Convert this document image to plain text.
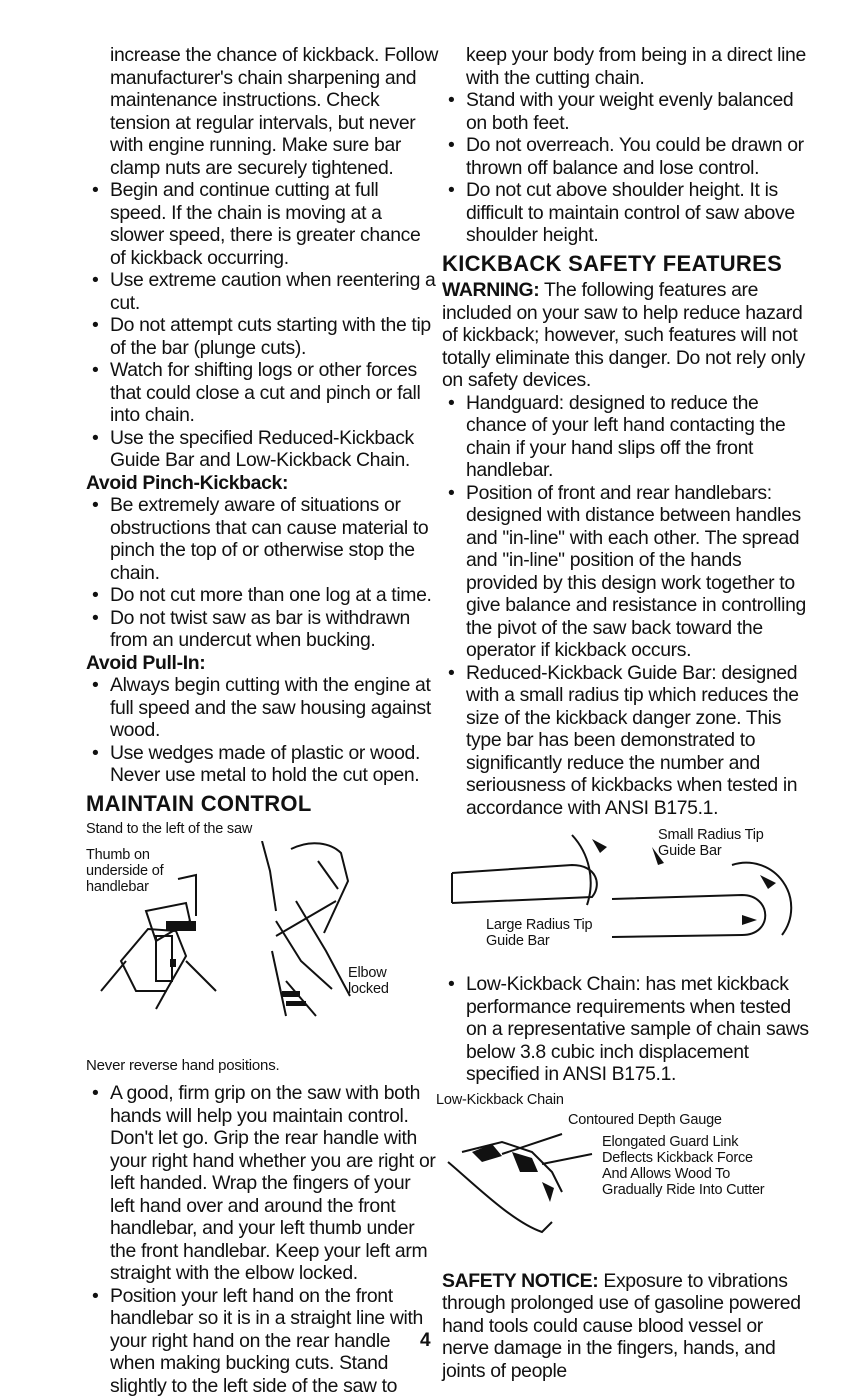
increase the chance of kickback. Follow manufacturer's chain sharpening and maintenance instructions. Check tension at regular intervals, but never with engine running. Make sure bar clamp nuts are securely tightened.

• Begin and continue cutting at full speed. If the chain is moving at a slower speed, there is greater chance of kickback occurring.
• Use extreme caution when reentering a cut.
• Do not attempt cuts starting with the tip of the bar (plunge cuts).
• Watch for shifting logs or other forces that could close a cut and pinch or fall into chain.
• Use the specified Reduced-Kickback Guide Bar and Low-Kickback Chain.

Avoid Pinch-Kickback:

• Be extremely aware of situations or obstructions that can cause material to pinch the top of or otherwise stop the chain.
• Do not cut more than one log at a time.
• Do not twist saw as bar is withdrawn from an undercut when bucking.

Avoid Pull-In:

• Always begin cutting with the engine at full speed and the saw housing against wood.
• Use wedges made of plastic or wood. Never use metal to hold the cut open.

MAINTAIN CONTROL

Stand to the left of the saw
Thumb on underside of handlebar
Elbow locked

Never reverse hand positions.

• A good, firm grip on the saw with both hands will help you maintain control. Don't let go. Grip the rear handle with your right hand whether you are right or left handed. Wrap the fingers of your left hand over and around the front handlebar, and your left thumb under the front handlebar. Keep your left arm straight with the elbow locked.
• Position your left hand on the front handlebar so it is in a straight line with your right hand on the rear handle when making bucking cuts. Stand slightly to the left side of the saw to

keep your body from being in a direct line with the cutting chain.

• Stand with your weight evenly balanced on both feet.
• Do not overreach. You could be drawn or thrown off balance and lose control.
• Do not cut above shoulder height. It is difficult to maintain control of saw above shoulder height.

KICKBACK SAFETY FEATURES

WARNING: The following features are included on your saw to help reduce hazard of kickback; however, such features will not totally eliminate this danger. Do not rely only on safety devices.

• Handguard: designed to reduce the chance of your left hand contacting the chain if your hand slips off the front handlebar.
• Position of front and rear handlebars: designed with distance between handles and "in-line" with each other. The spread and "in-line" position of the hands provided by this design work together to give balance and resistance in controlling the pivot of the saw back toward the operator if kickback occurs.
• Reduced-Kickback Guide Bar: designed with a small radius tip which reduces the size of the kickback danger zone. This type bar has been demonstrated to significantly reduce the number and seriousness of kickbacks when tested in accordance with ANSI B175.1.
Small Radius Tip Guide Bar
Large Radius Tip Guide Bar
• Low-Kickback Chain: has met kickback performance requirements when tested on a representative sample of chain saws below 3.8 cubic inch displacement specified in ANSI B175.1.
Low-Kickback Chain
Contoured Depth Gauge
Elongated Guard Link Deflects Kickback Force And Allows Wood To Gradually Ride Into Cutter

SAFETY NOTICE: Exposure to vibrations through prolonged use of gasoline powered hand tools could cause blood vessel or nerve damage in the fingers, hands, and joints of people

4
